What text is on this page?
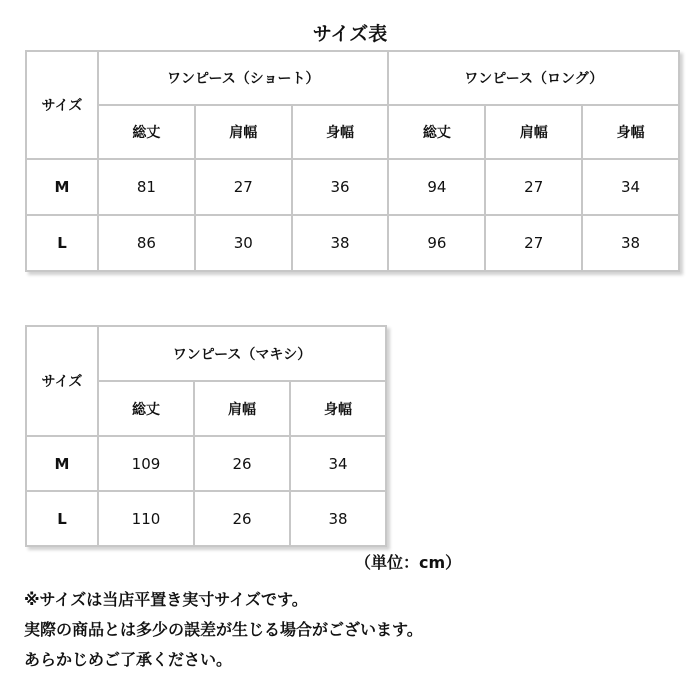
サイズ表
サイズ	ワンピース（ショート）			ワンピース（ロング）		
	総丈	肩幅	身幅	総丈	肩幅	身幅
M	81	27	36	94	27	34
L	86	30	38	96	27	38
サイズ	ワンピース（マキシ）		
	総丈	肩幅	身幅
M	109	26	34
L	110	26	38
（単位：cm）
※サイズは当店平置き実寸サイズです。
実際の商品とは多少の誤差が生じる場合がございます。
あらかじめご了承ください。
